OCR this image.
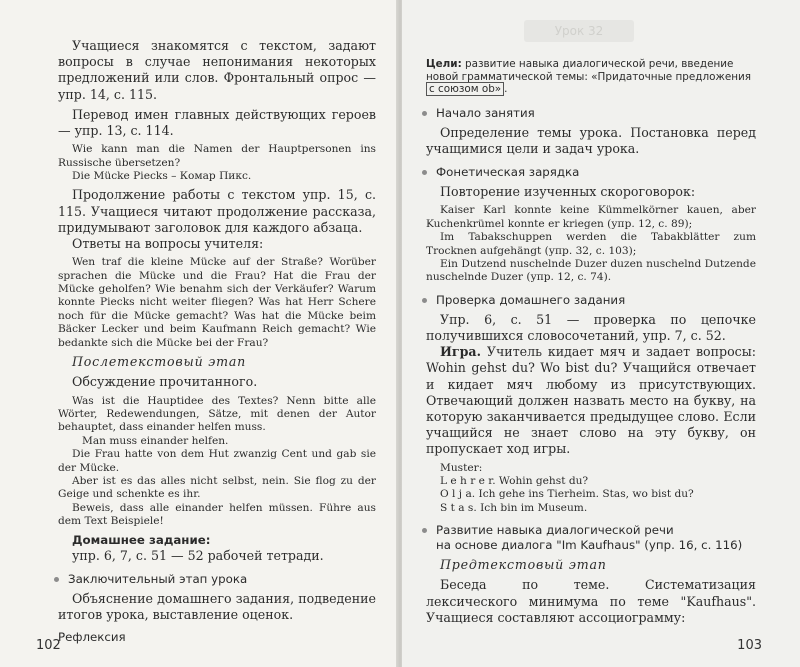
Учащиеся знакомятся с текстом, задают вопросы в случае непонимания некоторых предложений или слов. Фронтальный опрос — упр. 14, с. 115.

Перевод имен главных действующих героев — упр. 13, с. 114.

Wie kann man die Namen der Hauptpersonen ins Russische übersetzen?

Die Mücke Piecks – Комар Пикс.

Продолжение работы с текстом упр. 15, с. 115. Учащиеся читают продолжение рассказа, придумывают заголовок для каждого абзаца.

Ответы на вопросы учителя:

Wen traf die kleine Mücke auf der Straße? Worüber sprachen die Mücke und die Frau? Hat die Frau der Mücke geholfen? Wie benahm sich der Verkäufer? Warum konnte Piecks nicht weiter fliegen? Was hat Herr Schere noch für die Mücke gemacht? Was hat die Mücke beim Bäcker Lecker und beim Kaufmann Reich gemacht? Wie bedankte sich die Mücke bei der Frau?

Послетекстовый этап

Обсуждение прочитанного.

Was ist die Hauptidee des Textes? Nenn bitte alle Wörter, Redewendungen, Sätze, mit denen der Autor behauptet, dass einander helfen muss.

Man muss einander helfen.

Die Frau hatte von dem Hut zwanzig Cent und gab sie der Mücke.

Aber ist es das alles nicht selbst, nein. Sie flog zu der Geige und schenkte es ihr.

Beweis, dass alle einander helfen müssen. Führe aus dem Text Beispiele!

Домашнее задание:

упр. 6, 7, с. 51 — 52 рабочей тетради.

Заключительный этап урока

Объяснение домашнего задания, подведение итогов урока, выставление оценок.

Рефлексия

102
Урок 32

Цели: развитие навыка диалогической речи, введение новой грамматической темы: «Придаточные предложения с союзом ob» .

Начало занятия

Определение темы урока. Постановка перед учащимися цели и задач урока.

Фонетическая зарядка

Повторение изученных скороговорок:

Kaiser Karl konnte keine Kümmelkörner kauen, aber Kuchenkrümel konnte er kriegen (упр. 12, с. 89);

Im Tabakschuppen werden die Tabakblätter zum Trocknen aufgehängt (упр. 32, с. 103);

Ein Dutzend nuschelnde Duzer duzen nuschelnd Dutzende nuschelnde Duzer (упр. 12, с. 74).

Проверка домашнего задания

Упр. 6, с. 51 — проверка по цепочке получившихся словосочетаний, упр. 7, с. 52.

Игра. Учитель кидает мяч и задает вопросы: Wohin gehst du? Wo bist du? Учащийся отвечает и кидает мяч любому из присутствующих. Отвечающий должен назвать место на букву, на которую заканчивается предыдущее слово. Если учащийся не знает слово на эту букву, он пропускает ход игры.

Muster:

L e h r e r. Wohin gehst du?

O l j a. Ich gehe ins Tierheim. Stas, wo bist du?

S t a s. Ich bin im Museum.

Развитие навыка диалогической речи

на основе диалога "Im Kaufhaus" (упр. 16, с. 116)

Предтекстовый этап

Беседа по теме. Систематизация лексического минимума по теме "Kaufhaus". Учащиеся составляют ассоциограмму:

103
